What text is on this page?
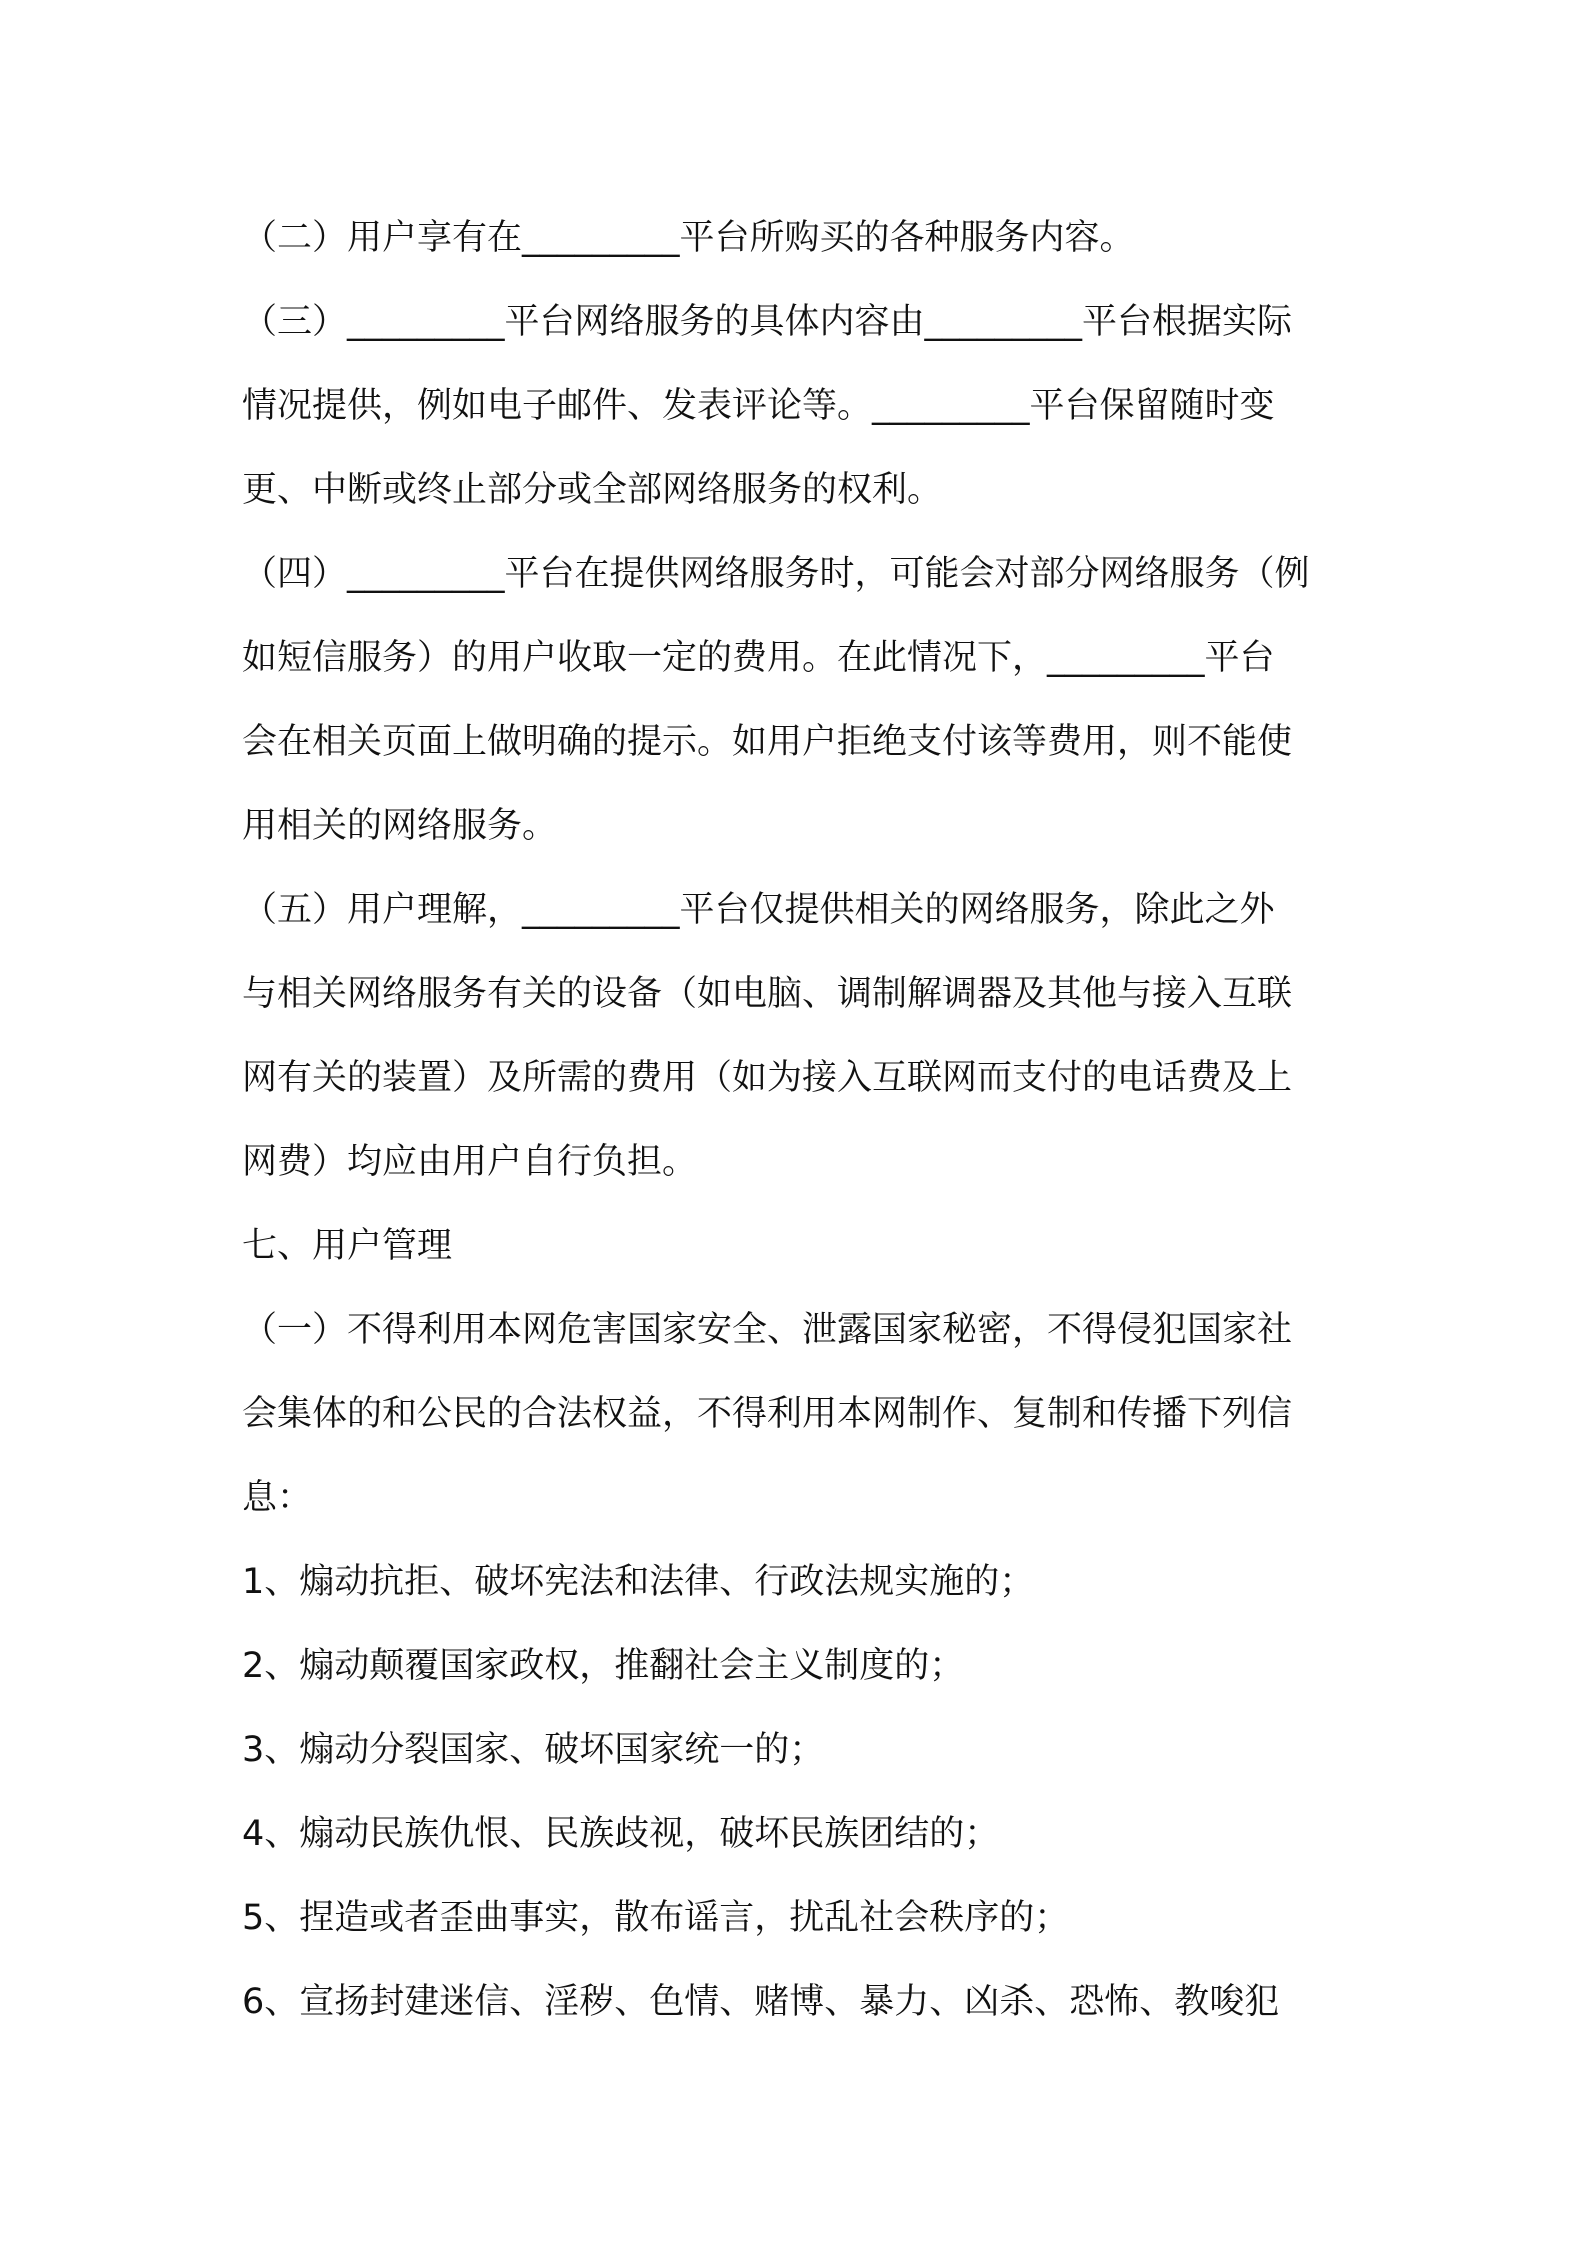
（二）用户享有在_________平台所购买的各种服务内容。
（三）_________平台网络服务的具体内容由_________平台根据实际
情况提供，例如电子邮件、发表评论等。_________平台保留随时变
更、中断或终止部分或全部网络服务的权利。
（四）_________平台在提供网络服务时，可能会对部分网络服务（例
如短信服务）的用户收取一定的费用。在此情况下，_________平台
会在相关页面上做明确的提示。如用户拒绝支付该等费用，则不能使
用相关的网络服务。
（五）用户理解，_________平台仅提供相关的网络服务，除此之外
与相关网络服务有关的设备（如电脑、调制解调器及其他与接入互联
网有关的装置）及所需的费用（如为接入互联网而支付的电话费及上
网费）均应由用户自行负担。
七、用户管理
（一）不得利用本网危害国家安全、泄露国家秘密，不得侵犯国家社
会集体的和公民的合法权益，不得利用本网制作、复制和传播下列信
息：
1、煽动抗拒、破坏宪法和法律、行政法规实施的；
2、煽动颠覆国家政权，推翻社会主义制度的；
3、煽动分裂国家、破坏国家统一的；
4、煽动民族仇恨、民族歧视，破坏民族团结的；
5、捏造或者歪曲事实，散布谣言，扰乱社会秩序的；
6、宣扬封建迷信、淫秽、色情、赌博、暴力、凶杀、恐怖、教唆犯
